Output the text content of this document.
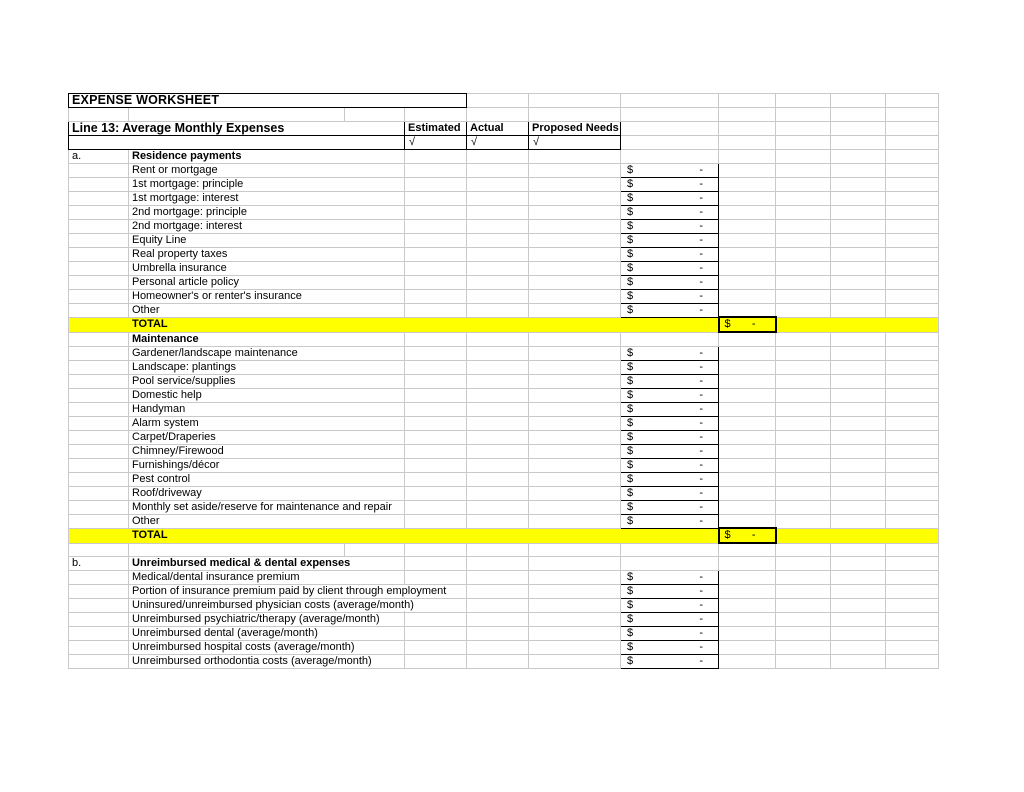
EXPENSE WORKSHEET										

Line 13: Average Monthly Expenses			Estimated	Actual	Proposed Needs					
			√	√	√					
a.	Residence payments									
	Rent or mortgage					$ -				

	1st mortgage: principle					$ -				

	1st mortgage: interest					$ -				

	2nd mortgage: principle					$ -				

	2nd mortgage: interest					$ -				

	Equity Line					$ -				

	Real property taxes					$ -				

	Umbrella insurance					$ -				

	Personal article policy					$ -				

	Homeowner's or renter's insurance					$ -				

	Other					$ -				

	TOTAL						$ -			

	Maintenance									
	Gardener/landscape maintenance					$ -				

	Landscape: plantings					$ -				

	Pool service/supplies					$ -				

	Domestic help					$ -				

	Handyman					$ -				

	Alarm system					$ -				

	Carpet/Draperies					$ -				

	Chimney/Firewood					$ -				

	Furnishings/décor					$ -				

	Pest control					$ -				

	Roof/driveway					$ -				

	Monthly set aside/reserve for maintenance and repair					$ -				

	Other					$ -				

	TOTAL						$ -			

b.	Unreimbursed medical & dental expenses									
	Medical/dental insurance premium					$ -				

	Portion of insurance premium paid by client through employment					$ -				

	Uninsured/unreimbursed physician costs (average/month)					$ -				

	Unreimbursed psychiatric/therapy (average/month)					$ -				

	Unreimbursed dental (average/month)					$ -				

	Unreimbursed hospital costs (average/month)					$ -				

	Unreimbursed orthodontia costs (average/month)					$ -				
